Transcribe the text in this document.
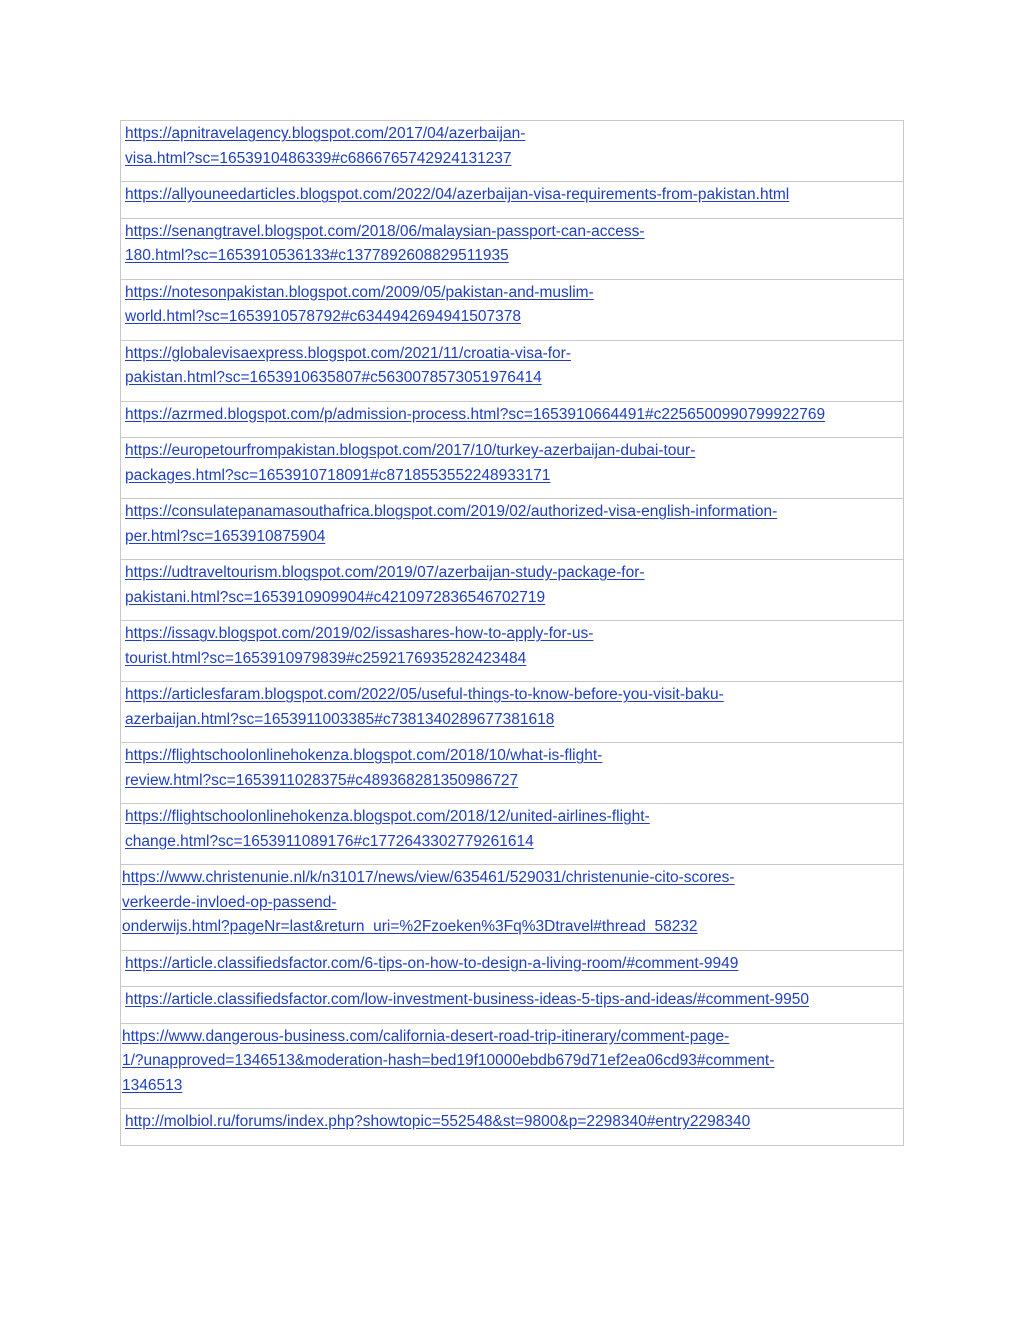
https://apnitravelagency.blogspot.com/2017/04/azerbaijan-
visa.html?sc=1653910486339#c6866765742924131237

https://allyouneedarticles.blogspot.com/2022/04/azerbaijan-visa-requirements-from-pakistan.html

https://senangtravel.blogspot.com/2018/06/malaysian-passport-can-access-
180.html?sc=1653910536133#c1377892608829511935

https://notesonpakistan.blogspot.com/2009/05/pakistan-and-muslim-
world.html?sc=1653910578792#c6344942694941507378

https://globalevisaexpress.blogspot.com/2021/11/croatia-visa-for-
pakistan.html?sc=1653910635807#c5630078573051976414

https://azrmed.blogspot.com/p/admission-process.html?sc=1653910664491#c2256500990799922769

https://europetourfrompakistan.blogspot.com/2017/10/turkey-azerbaijan-dubai-tour-
packages.html?sc=1653910718091#c8718553552248933171

https://consulatepanamasouthafrica.blogspot.com/2019/02/authorized-visa-english-information-
per.html?sc=1653910875904

https://udtraveltourism.blogspot.com/2019/07/azerbaijan-study-package-for-
pakistani.html?sc=1653910909904#c4210972836546702719

https://issagv.blogspot.com/2019/02/issashares-how-to-apply-for-us-
tourist.html?sc=1653910979839#c2592176935282423484

https://articlesfaram.blogspot.com/2022/05/useful-things-to-know-before-you-visit-baku-
azerbaijan.html?sc=1653911003385#c7381340289677381618

https://flightschoolonlinehokenza.blogspot.com/2018/10/what-is-flight-
review.html?sc=1653911028375#c489368281350986727

https://flightschoolonlinehokenza.blogspot.com/2018/12/united-airlines-flight-
change.html?sc=1653911089176#c1772643302779261614

https://www.christenunie.nl/k/n31017/news/view/635461/529031/christenunie-cito-scores-
verkeerde-invloed-op-passend-
onderwijs.html?pageNr=last&return_uri=%2Fzoeken%3Fq%3Dtravel#thread_58232

https://article.classifiedsfactor.com/6-tips-on-how-to-design-a-living-room/#comment-9949

https://article.classifiedsfactor.com/low-investment-business-ideas-5-tips-and-ideas/#comment-9950

https://www.dangerous-business.com/california-desert-road-trip-itinerary/comment-page-
1/?unapproved=1346513&moderation-hash=bed19f10000ebdb679d71ef2ea06cd93#comment-
1346513

http://molbiol.ru/forums/index.php?showtopic=552548&st=9800&p=2298340#entry2298340
